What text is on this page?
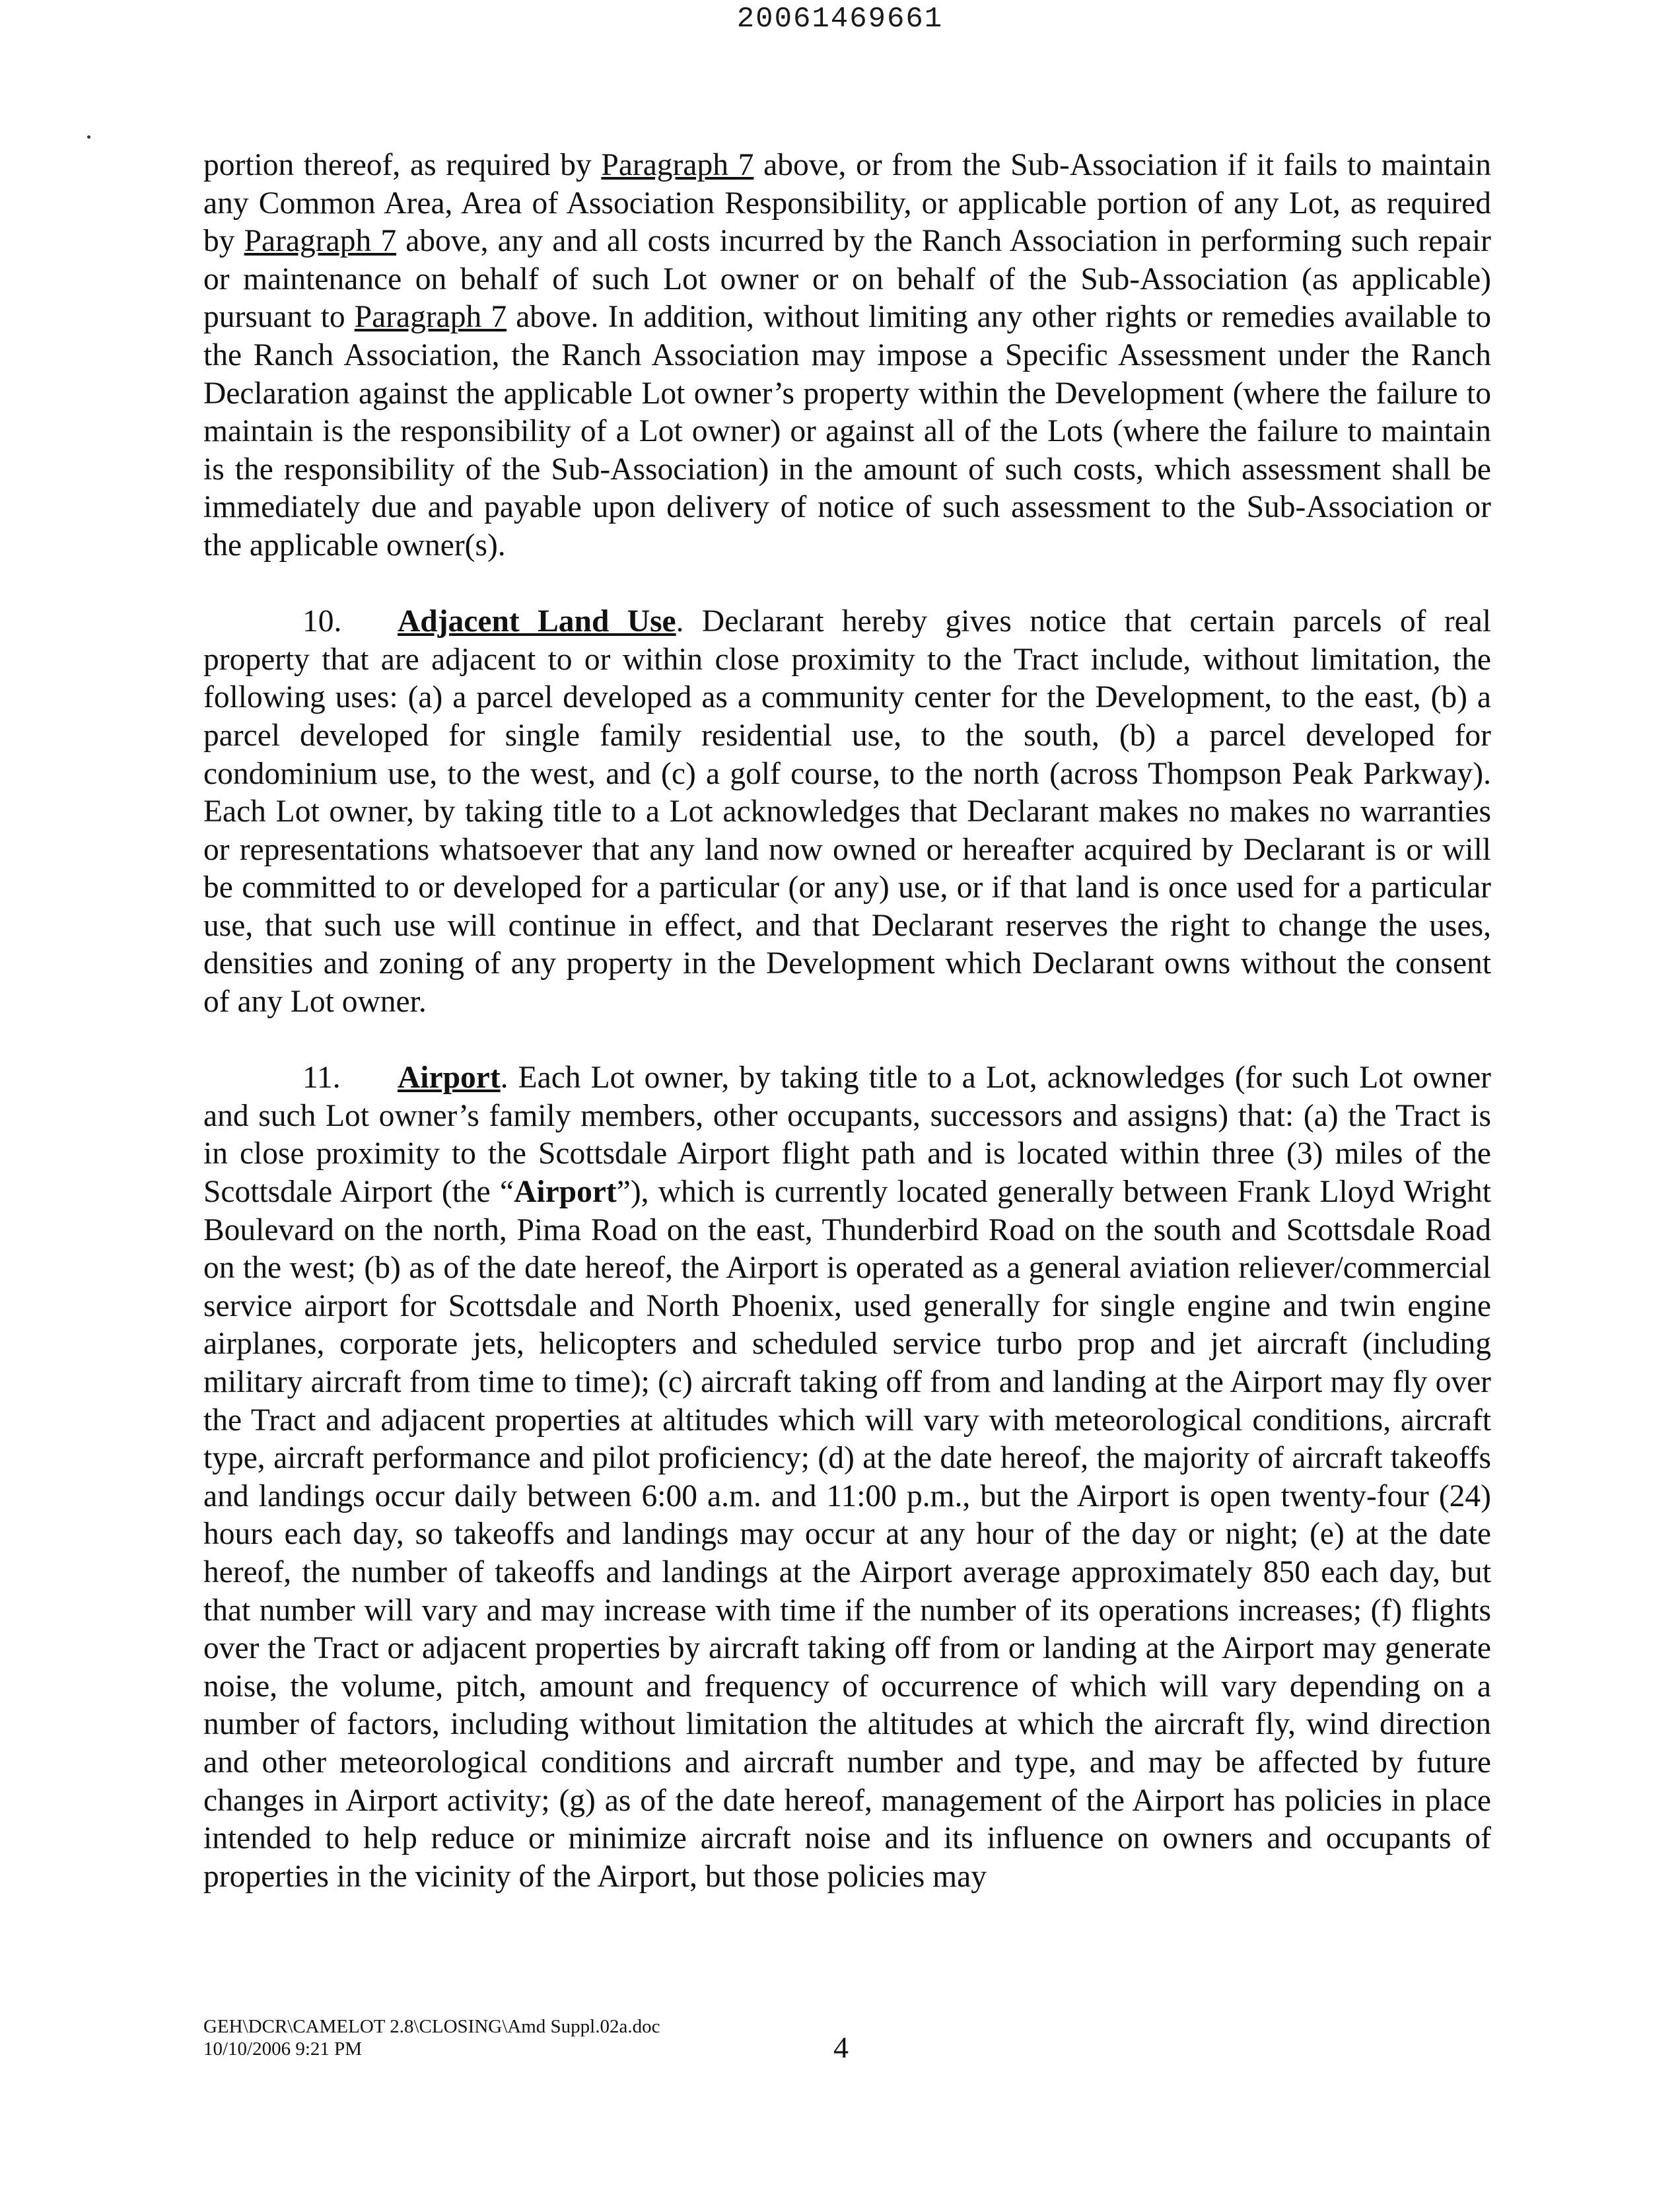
20061469661

portion thereof, as required by Paragraph 7 above, or from the Sub-Association if it fails to maintain any Common Area, Area of Association Responsibility, or applicable portion of any Lot, as required by Paragraph 7 above, any and all costs incurred by the Ranch Association in performing such repair or maintenance on behalf of such Lot owner or on behalf of the Sub-Association (as applicable) pursuant to Paragraph 7 above. In addition, without limiting any other rights or remedies available to the Ranch Association, the Ranch Association may impose a Specific Assessment under the Ranch Declaration against the applicable Lot owner’s property within the Development (where the failure to maintain is the responsibility of a Lot owner) or against all of the Lots (where the failure to maintain is the responsibility of the Sub-Association) in the amount of such costs, which assessment shall be immediately due and payable upon delivery of notice of such assessment to the Sub-Association or the applicable owner(s).

10. Adjacent Land Use. Declarant hereby gives notice that certain parcels of real property that are adjacent to or within close proximity to the Tract include, without limitation, the following uses: (a) a parcel developed as a community center for the Development, to the east, (b) a parcel developed for single family residential use, to the south, (b) a parcel developed for condominium use, to the west, and (c) a golf course, to the north (across Thompson Peak Parkway). Each Lot owner, by taking title to a Lot acknowledges that Declarant makes no makes no warranties or representations whatsoever that any land now owned or hereafter acquired by Declarant is or will be committed to or developed for a particular (or any) use, or if that land is once used for a particular use, that such use will continue in effect, and that Declarant reserves the right to change the uses, densities and zoning of any property in the Development which Declarant owns without the consent of any Lot owner.

11. Airport. Each Lot owner, by taking title to a Lot, acknowledges (for such Lot owner and such Lot owner’s family members, other occupants, successors and assigns) that: (a) the Tract is in close proximity to the Scottsdale Airport flight path and is located within three (3) miles of the Scottsdale Airport (the “Airport”), which is currently located generally between Frank Lloyd Wright Boulevard on the north, Pima Road on the east, Thunderbird Road on the south and Scottsdale Road on the west; (b) as of the date hereof, the Airport is operated as a general aviation reliever/commercial service airport for Scottsdale and North Phoenix, used generally for single engine and twin engine airplanes, corporate jets, helicopters and scheduled service turbo prop and jet aircraft (including military aircraft from time to time); (c) aircraft taking off from and landing at the Airport may fly over the Tract and adjacent properties at altitudes which will vary with meteorological conditions, aircraft type, aircraft performance and pilot proficiency; (d) at the date hereof, the majority of aircraft takeoffs and landings occur daily between 6:00 a.m. and 11:00 p.m., but the Airport is open twenty-four (24) hours each day, so takeoffs and landings may occur at any hour of the day or night; (e) at the date hereof, the number of takeoffs and landings at the Airport average approximately 850 each day, but that number will vary and may increase with time if the number of its operations increases; (f) flights over the Tract or adjacent properties by aircraft taking off from or landing at the Airport may generate noise, the volume, pitch, amount and frequency of occurrence of which will vary depending on a number of factors, including without limitation the altitudes at which the aircraft fly, wind direction and other meteorological conditions and aircraft number and type, and may be affected by future changes in Airport activity; (g) as of the date hereof, management of the Airport has policies in place intended to help reduce or minimize aircraft noise and its influence on owners and occupants of properties in the vicinity of the Airport, but those policies may

GEH\DCR\CAMELOT 2.8\CLOSING\Amd Suppl.02a.doc
10/10/2006 9:21 PM	4
